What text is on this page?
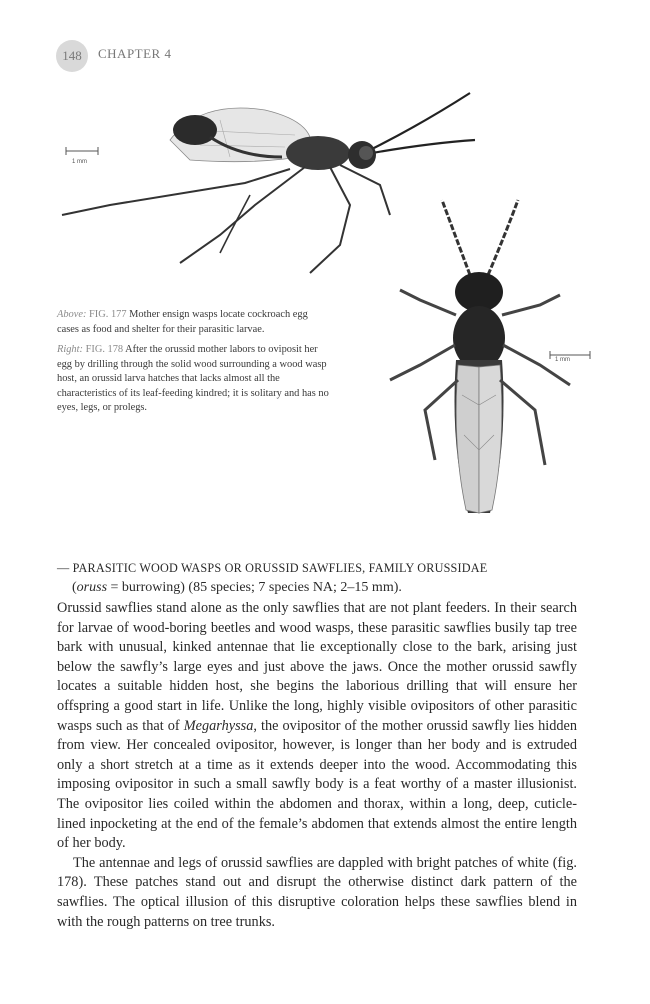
148	CHAPTER 4
1 mm
1 mm

Above: FIG. 177 Mother ensign wasps locate cockroach egg cases as food and shelter for their parasitic larvae.

Right: FIG. 178 After the orussid mother labors to oviposit her egg by drilling through the solid wood surrounding a wood wasp host, an orussid larva hatches that lacks almost all the characteristics of its leaf-feeding kindred; it is solitary and has no eyes, legs, or prolegs.

— PARASITIC WOOD WASPS OR ORUSSID SAWFLIES, FAMILY ORUSSIDAE
(oruss = burrowing) (85 species; 7 species NA; 2–15 mm).

Orussid sawflies stand alone as the only sawflies that are not plant feeders. In their search for larvae of wood-boring beetles and wood wasps, these parasitic sawflies busily tap tree bark with unusual, kinked antennae that lie exceptionally close to the bark, arising just below the sawfly’s large eyes and just above the jaws. Once the mother orussid sawfly locates a suitable hidden host, she begins the laborious drilling that will ensure her offspring a good start in life. Unlike the long, highly visible ovipositors of other parasitic wasps such as that of Megarhyssa, the ovipositor of the mother orussid sawfly lies hidden from view. Her concealed ovipositor, however, is longer than her body and is extruded only a short stretch at a time as it extends deeper into the wood. Accommodating this imposing ovipositor in such a small sawfly body is a feat worthy of a master illusionist. The ovipositor lies coiled within the abdomen and thorax, within a long, deep, cuticle-lined inpocketing at the end of the female’s abdomen that extends almost the entire length of her body.

The antennae and legs of orussid sawflies are dappled with bright patches of white (fig. 178). These patches stand out and disrupt the otherwise distinct dark pattern of the sawflies. The optical illusion of this disruptive coloration helps these sawflies blend in with the rough patterns on tree trunks.
